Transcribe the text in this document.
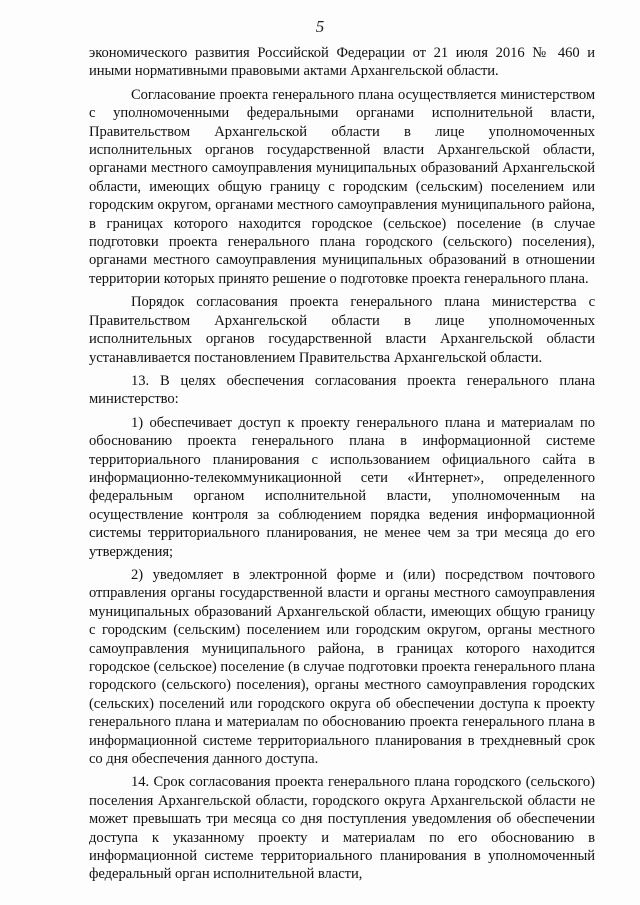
5

экономического развития Российской Федерации от 21 июля 2016 № 460 и иными нормативными правовыми актами Архангельской области.

Согласование проекта генерального плана осуществляется министерством с уполномоченными федеральными органами исполнительной власти, Правительством Архангельской области в лице уполномоченных исполнительных органов государственной власти Архангельской области, органами местного самоуправления муниципальных образований Архангельской области, имеющих общую границу с городским (сельским) поселением или городским округом, органами местного самоуправления муниципального района, в границах которого находится городское (сельское) поселение (в случае подготовки проекта генерального плана городского (сельского) поселения), органами местного самоуправления муниципальных образований в отношении территории которых принято решение о подготовке проекта генерального плана.

Порядок согласования проекта генерального плана министерства с Правительством Архангельской области в лице уполномоченных исполнительных органов государственной власти Архангельской области устанавливается постановлением Правительства Архангельской области.

13. В целях обеспечения согласования проекта генерального плана министерство:

1) обеспечивает доступ к проекту генерального плана и материалам по обоснованию проекта генерального плана в информационной системе территориального планирования с использованием официального сайта в информационно-телекоммуникационной сети «Интернет», определенного федеральным органом исполнительной власти, уполномоченным на осуществление контроля за соблюдением порядка ведения информационной системы территориального планирования, не менее чем за три месяца до его утверждения;

2) уведомляет в электронной форме и (или) посредством почтового отправления органы государственной власти и органы местного самоуправления муниципальных образований Архангельской области, имеющих общую границу с городским (сельским) поселением или городским округом, органы местного самоуправления муниципального района, в границах которого находится городское (сельское) поселение (в случае подготовки проекта генерального плана городского (сельского) поселения), органы местного самоуправления городских (сельских) поселений или городского округа об обеспечении доступа к проекту генерального плана и материалам по обоснованию проекта генерального плана в информационной системе территориального планирования в трехдневный срок со дня обеспечения данного доступа.

14. Срок согласования проекта генерального плана городского (сельского) поселения Архангельской области, городского округа Архангельской области не может превышать три месяца со дня поступления уведомления об обеспечении доступа к указанному проекту и материалам по его обоснованию в информационной системе территориального планирования в уполномоченный федеральный орган исполнительной власти,
